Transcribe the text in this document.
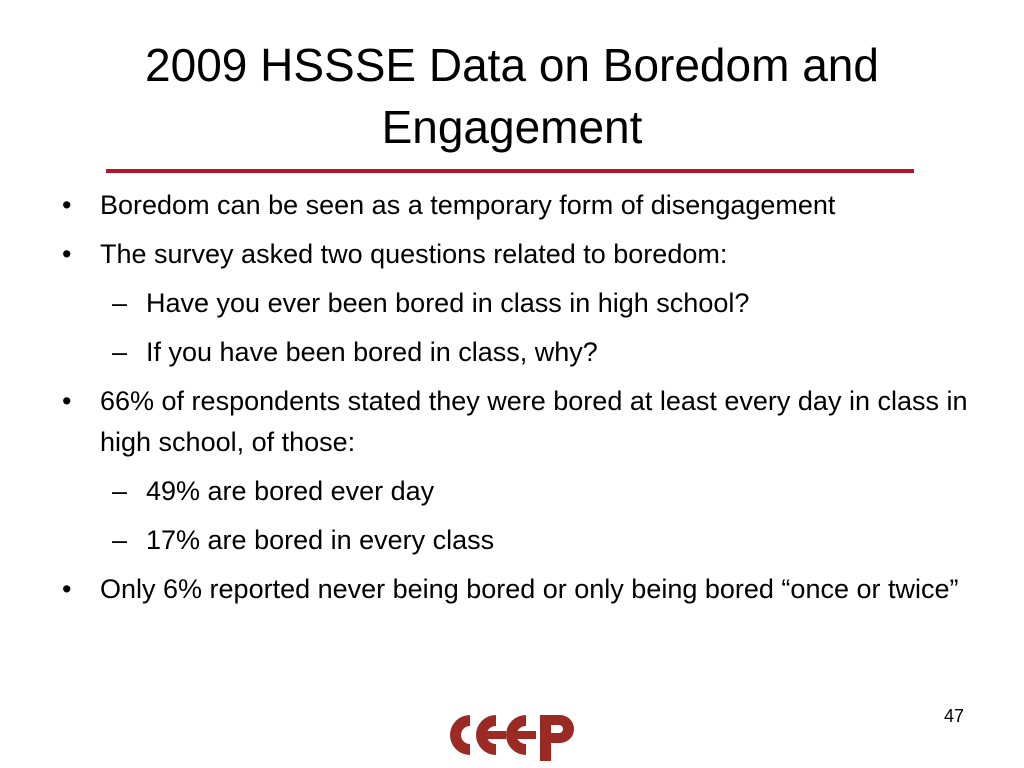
2009 HSSSE Data on Boredom and Engagement
• Boredom can be seen as a temporary form of disengagement
• The survey asked two questions related to boredom:
– Have you ever been bored in class in high school?
– If you have been bored in class, why?
• 66% of respondents stated they were bored at least every day in class in high school, of those:
– 49% are bored ever day
– 17% are bored in every class
• Only 6% reported never being bored or only being bored “once or twice”
47
